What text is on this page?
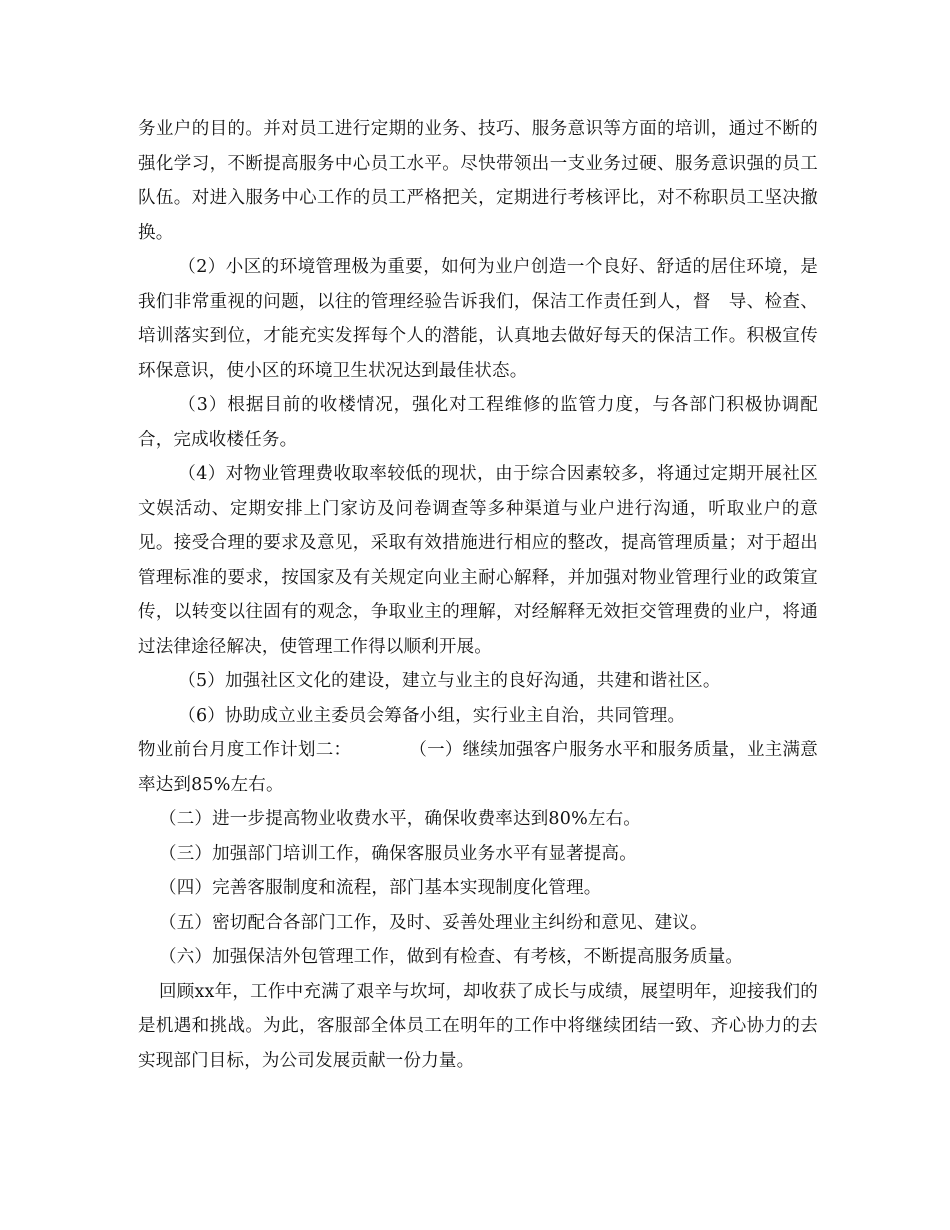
务业户的目的。并对员工进行定期的业务、技巧、服务意识等方面的培训，通过不断的强化学习，不断提高服务中心员工水平。尽快带领出一支业务过硬、服务意识强的员工队伍。对进入服务中心工作的员工严格把关，定期进行考核评比，对不称职员工坚决撤换。

（2）小区的环境管理极为重要，如何为业户创造一个良好、舒适的居住环境，是我们非常重视的问题，以往的管理经验告诉我们，保洁工作责任到人，督　导、检查、培训落实到位，才能充实发挥每个人的潜能，认真地去做好每天的保洁工作。积极宣传环保意识，使小区的环境卫生状况达到最佳状态。

（3）根据目前的收楼情况，强化对工程维修的监管力度，与各部门积极协调配合，完成收楼任务。

（4）对物业管理费收取率较低的现状，由于综合因素较多，将通过定期开展社区文娱活动、定期安排上门家访及问卷调查等多种渠道与业户进行沟通，听取业户的意见。接受合理的要求及意见，采取有效措施进行相应的整改，提高管理质量；对于超出管理标准的要求，按国家及有关规定向业主耐心解释，并加强对物业管理行业的政策宣传，以转变以往固有的观念，争取业主的理解，对经解释无效拒交管理费的业户，将通过法律途径解决，使管理工作得以顺利开展。

（5）加强社区文化的建设，建立与业主的良好沟通，共建和谐社区。

（6）协助成立业主委员会筹备小组，实行业主自治，共同管理。

物业前台月度工作计划二：	（一）继续加强客户服务水平和服务质量，业主满意率达到85%左右。

（二）进一步提高物业收费水平，确保收费率达到80%左右。

（三）加强部门培训工作，确保客服员业务水平有显著提高。

（四）完善客服制度和流程，部门基本实现制度化管理。

（五）密切配合各部门工作，及时、妥善处理业主纠纷和意见、建议。

（六）加强保洁外包管理工作，做到有检查、有考核，不断提高服务质量。

回顾xx年，工作中充满了艰辛与坎坷，却收获了成长与成绩，展望明年，迎接我们的是机遇和挑战。为此，客服部全体员工在明年的工作中将继续团结一致、齐心协力的去实现部门目标，为公司发展贡献一份力量。
